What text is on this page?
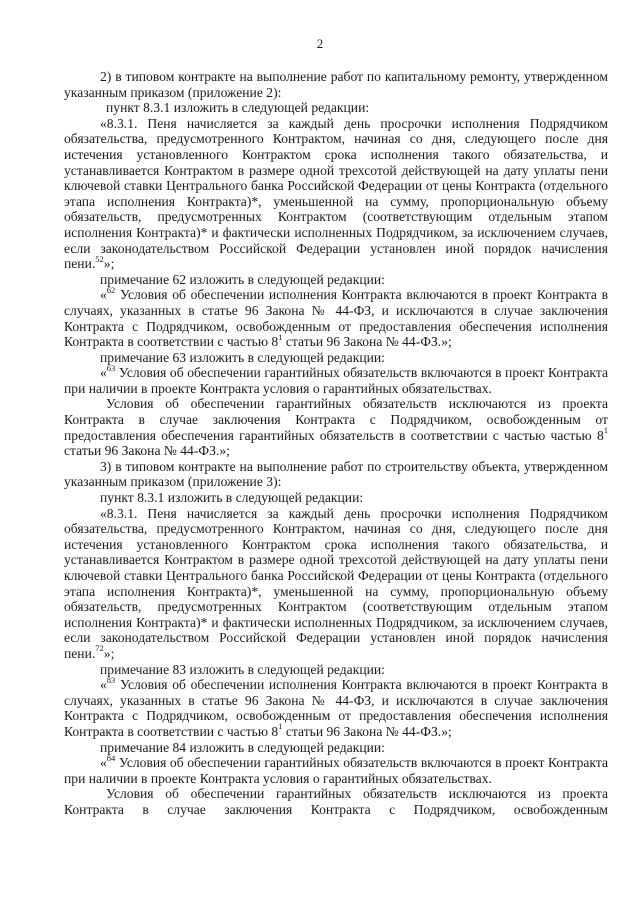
2

2) в типовом контракте на выполнение работ по капитальному ремонту, утвержденном указанным приказом (приложение 2):

пункт 8.3.1 изложить в следующей редакции:

«8.3.1. Пеня начисляется за каждый день просрочки исполнения Подрядчиком обязательства, предусмотренного Контрактом, начиная со дня, следующего после дня истечения установленного Контрактом срока исполнения такого обязательства, и устанавливается Контрактом в размере одной трехсотой действующей на дату уплаты пени ключевой ставки Центрального банка Российской Федерации от цены Контракта (отдельного этапа исполнения Контракта)*, уменьшенной на сумму, пропорциональную объему обязательств, предусмотренных Контрактом (соответствующим отдельным этапом исполнения Контракта)* и фактически исполненных Подрядчиком, за исключением случаев, если законодательством Российской Федерации установлен иной порядок начисления пени.$^{52}$»;

примечание 62 изложить в следующей редакции:

«$^{62}$ Условия об обеспечении исполнения Контракта включаются в проект Контракта в случаях, указанных в статье 96 Закона № 44-ФЗ, и исключаются в случае заключения Контракта с Подрядчиком, освобожденным от предоставления обеспечения исполнения Контракта в соответствии с частью $8^1$ статьи 96 Закона № 44-ФЗ.»;

примечание 63 изложить в следующей редакции:

«$^{63}$ Условия об обеспечении гарантийных обязательств включаются в проект Контракта при наличии в проекте Контракта условия о гарантийных обязательствах.

Условия об обеспечении гарантийных обязательств исключаются из проекта Контракта в случае заключения Контракта с Подрядчиком, освобожденным от предоставления обеспечения гарантийных обязательств в соответствии с частью частью $8^1$ статьи 96 Закона № 44-ФЗ.»;

3) в типовом контракте на выполнение работ по строительству объекта, утвержденном указанным приказом (приложение 3):

пункт 8.3.1 изложить в следующей редакции:

«8.3.1. Пеня начисляется за каждый день просрочки исполнения Подрядчиком обязательства, предусмотренного Контрактом, начиная со дня, следующего после дня истечения установленного Контрактом срока исполнения такого обязательства, и устанавливается Контрактом в размере одной трехсотой действующей на дату уплаты пени ключевой ставки Центрального банка Российской Федерации от цены Контракта (отдельного этапа исполнения Контракта)*, уменьшенной на сумму, пропорциональную объему обязательств, предусмотренных Контрактом (соответствующим отдельным этапом исполнения Контракта)* и фактически исполненных Подрядчиком, за исключением случаев, если законодательством Российской Федерации установлен иной порядок начисления пени.$^{72}$»;

примечание 83 изложить в следующей редакции:

«$^{83}$ Условия об обеспечении исполнения Контракта включаются в проект Контракта в случаях, указанных в статье 96 Закона № 44-ФЗ, и исключаются в случае заключения Контракта с Подрядчиком, освобожденным от предоставления обеспечения исполнения Контракта в соответствии с частью $8^1$ статьи 96 Закона № 44-ФЗ.»;

примечание 84 изложить в следующей редакции:

«$^{84}$ Условия об обеспечении гарантийных обязательств включаются в проект Контракта при наличии в проекте Контракта условия о гарантийных обязательствах.

Условия об обеспечении гарантийных обязательств исключаются из проекта Контракта в случае заключения Контракта с Подрядчиком, освобожденным
